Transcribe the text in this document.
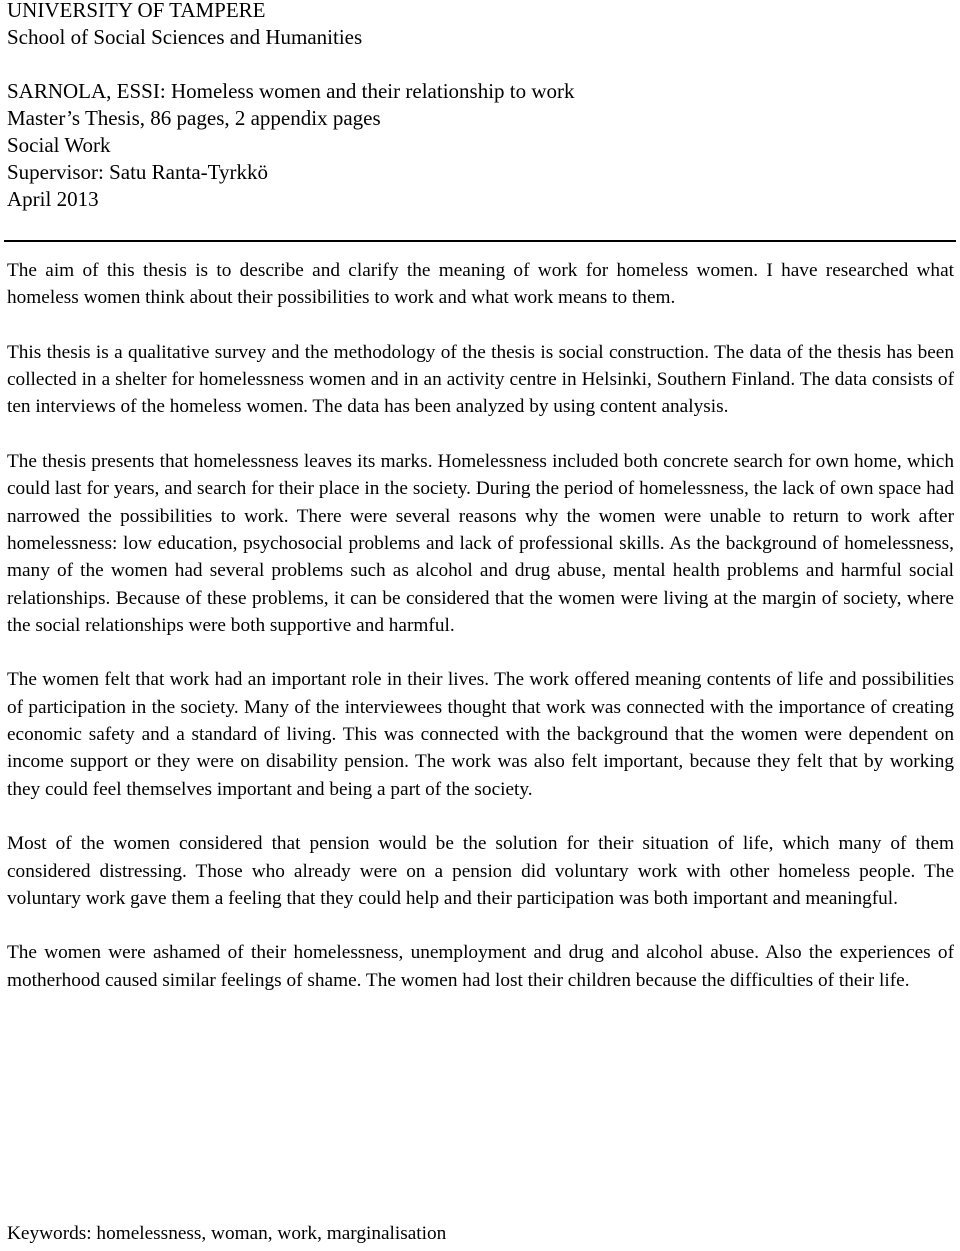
UNIVERSITY OF TAMPERE
School of Social Sciences and Humanities
SARNOLA, ESSI: Homeless women and their relationship to work
Master’s Thesis, 86 pages, 2 appendix pages
Social Work
Supervisor: Satu Ranta-Tyrkkö
April 2013

The aim of this thesis is to describe and clarify the meaning of work for homeless women. I have researched what homeless women think about their possibilities to work and what work means to them.

This thesis is a qualitative survey and the methodology of the thesis is social construction. The data of the thesis has been collected in a shelter for homelessness women and in an activity centre in Helsinki, Southern Finland. The data consists of ten interviews of the homeless women. The data has been analyzed by using content analysis.

The thesis presents that homelessness leaves its marks. Homelessness included both concrete search for own home, which could last for years, and search for their place in the society. During the period of homelessness, the lack of own space had narrowed the possibilities to work. There were several reasons why the women were unable to return to work after homelessness: low education, psychosocial problems and lack of professional skills. As the background of homelessness, many of the women had several problems such as alcohol and drug abuse, mental health problems and harmful social relationships. Because of these problems, it can be considered that the women were living at the margin of society, where the social relationships were both supportive and harmful.

The women felt that work had an important role in their lives. The work offered meaning contents of life and possibilities of participation in the society. Many of the interviewees thought that work was connected with the importance of creating economic safety and a standard of living. This was connected with the background that the women were dependent on income support or they were on disability pension. The work was also felt important, because they felt that by working they could feel themselves important and being a part of the society.

Most of the women considered that pension would be the solution for their situation of life, which many of them considered distressing. Those who already were on a pension did voluntary work with other homeless people. The voluntary work gave them a feeling that they could help and their participation was both important and meaningful.

The women were ashamed of their homelessness, unemployment and drug and alcohol abuse. Also the experiences of motherhood caused similar feelings of shame. The women had lost their children because the difficulties of their life.

Keywords: homelessness, woman, work, marginalisation
